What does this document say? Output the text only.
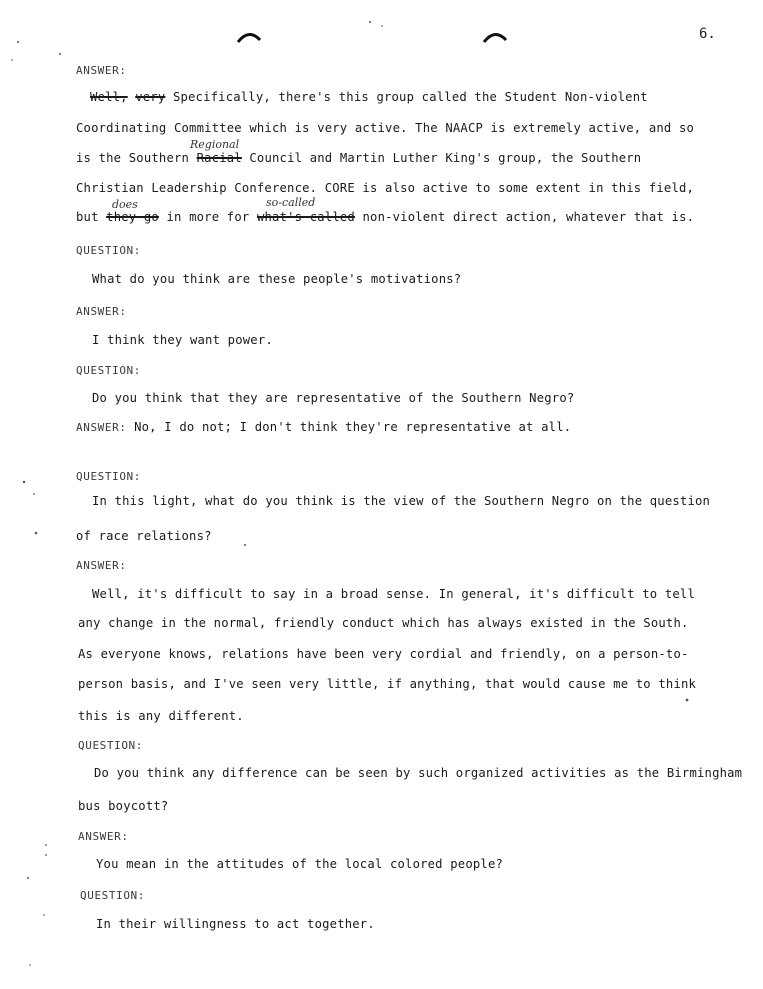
6.
ANSWER:
Well, very Specifically, there's this group called the Student Non-violent
Coordinating Committee which is very active. The NAACP is extremely active, and so
Regional
is the Southern Racial Council and Martin Luther King's group, the Southern
Christian Leadership Conference. CORE is also active to some extent in this field,
does	so-called
but they go in more for what's called non-violent direct action, whatever that is.
QUESTION:
What do you think are these people's motivations?
ANSWER:
I think they want power.
QUESTION:
Do you think that they are representative of the Southern Negro?
ANSWER: No, I do not; I don't think they're representative at all.
QUESTION:
In this light, what do you think is the view of the Southern Negro on the question
of race relations?
ANSWER:
Well, it's difficult to say in a broad sense. In general, it's difficult to tell
any change in the normal, friendly conduct which has always existed in the South.
As everyone knows, relations have been very cordial and friendly, on a person-to-
person basis, and I've seen very little, if anything, that would cause me to think
this is any different.
QUESTION:
Do you think any difference can be seen by such organized activities as the Birmingham
bus boycott?
ANSWER:
You mean in the attitudes of the local colored people?
QUESTION:
In their willingness to act together.
